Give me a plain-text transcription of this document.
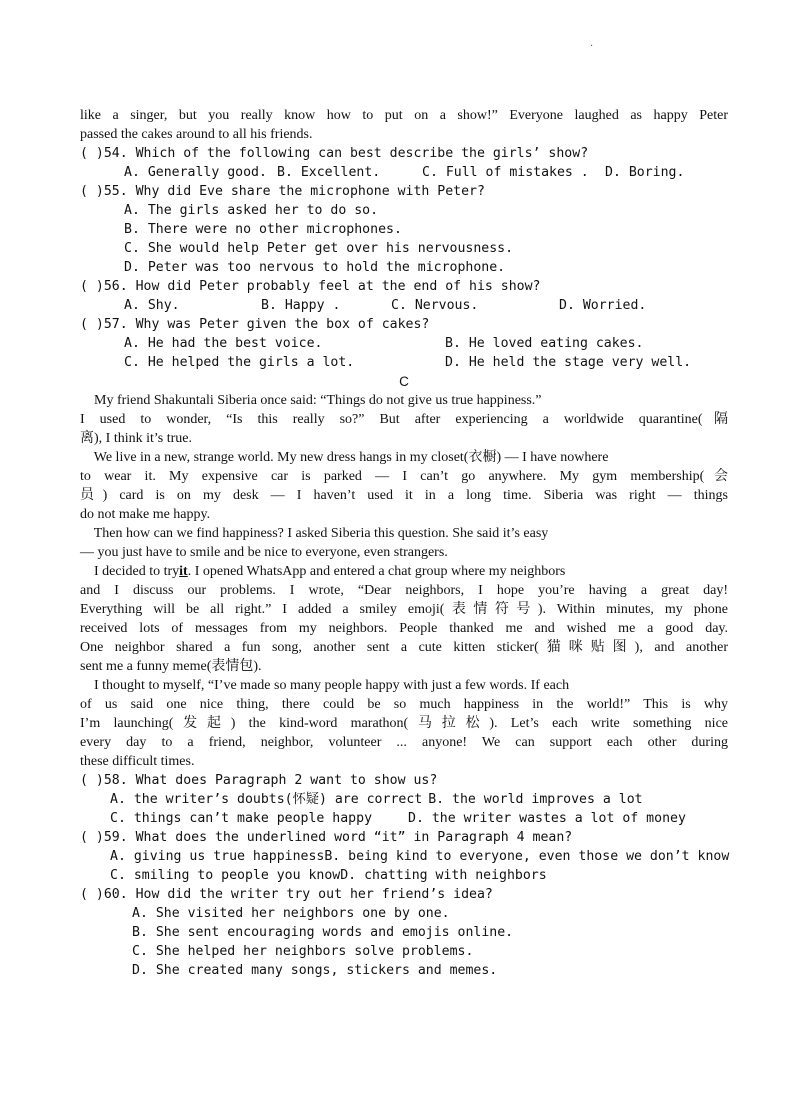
.
like a singer, but you really know how to put on a show!” Everyone laughed as happy Peter
passed the cakes around to all his friends.
( )54. Which of the following can best describe the girls’ show?
A. Generally good. B. Excellent.	C. Full of mistakes .	D. Boring.
( )55. Why did Eve share the microphone with Peter?
A. The girls asked her to do so.
B. There were no other microphones.
C. She would help Peter get over his nervousness.
D. Peter was too nervous to hold the microphone.
( )56. How did Peter probably feel at the end of his show?
A. Shy.	B. Happy .	C. Nervous.	D. Worried.
( )57. Why was Peter given the box of cakes?
A. He had the best voice.	B. He loved eating cakes.
C. He helped the girls a lot.	D. He held the stage very well.
C
My friend Shakuntali Siberia once said: “Things do not give us true happiness.”
I used to wonder, “Is this really so?” But after experiencing a worldwide quarantine(隔
离), I think it’s true.
We live in a new, strange world. My new dress hangs in my closet(衣橱) — I have nowhere
to wear it. My expensive car is parked — I can’t go anywhere. My gym membership(会
员) card is on my desk — I haven’t used it in a long time. Siberia was right — things
do not make me happy.
Then how can we find happiness? I asked Siberia this question. She said it’s easy
— you just have to smile and be nice to everyone, even strangers.
I decided to tryit. I opened WhatsApp and entered a chat group where my neighbors
and I discuss our problems. I wrote, “Dear neighbors, I hope you’re having a great day!
Everything will be all right.” I added a smiley emoji(表情符号). Within minutes, my phone
received lots of messages from my neighbors. People thanked me and wished me a good day.
One neighbor shared a fun song, another sent a cute kitten sticker(猫咪贴图), and another
sent me a funny meme(表情包).
I thought to myself, “I’ve made so many people happy with just a few words. If each
of us said one nice thing, there could be so much happiness in the world!” This is why
I’m launching(发起) the kind-word marathon(马拉松). Let’s each write something nice
every day to a friend, neighbor, volunteer ... anyone! We can support each other during
these difficult times.
( )58. What does Paragraph 2 want to show us?
A. the writer’s doubts(怀疑) are correct B. the world improves a lot
C. things can’t make people happy	D. the writer wastes a lot of money
( )59. What does the underlined word “it” in Paragraph 4 mean?
A. giving us true happinessB. being kind to everyone, even those we don’t know
C. smiling to people you knowD. chatting with neighbors
( )60. How did the writer try out her friend’s idea?
A. She visited her neighbors one by one.
B. She sent encouraging words and emojis online.
C. She helped her neighbors solve problems.
D. She created many songs, stickers and memes.
